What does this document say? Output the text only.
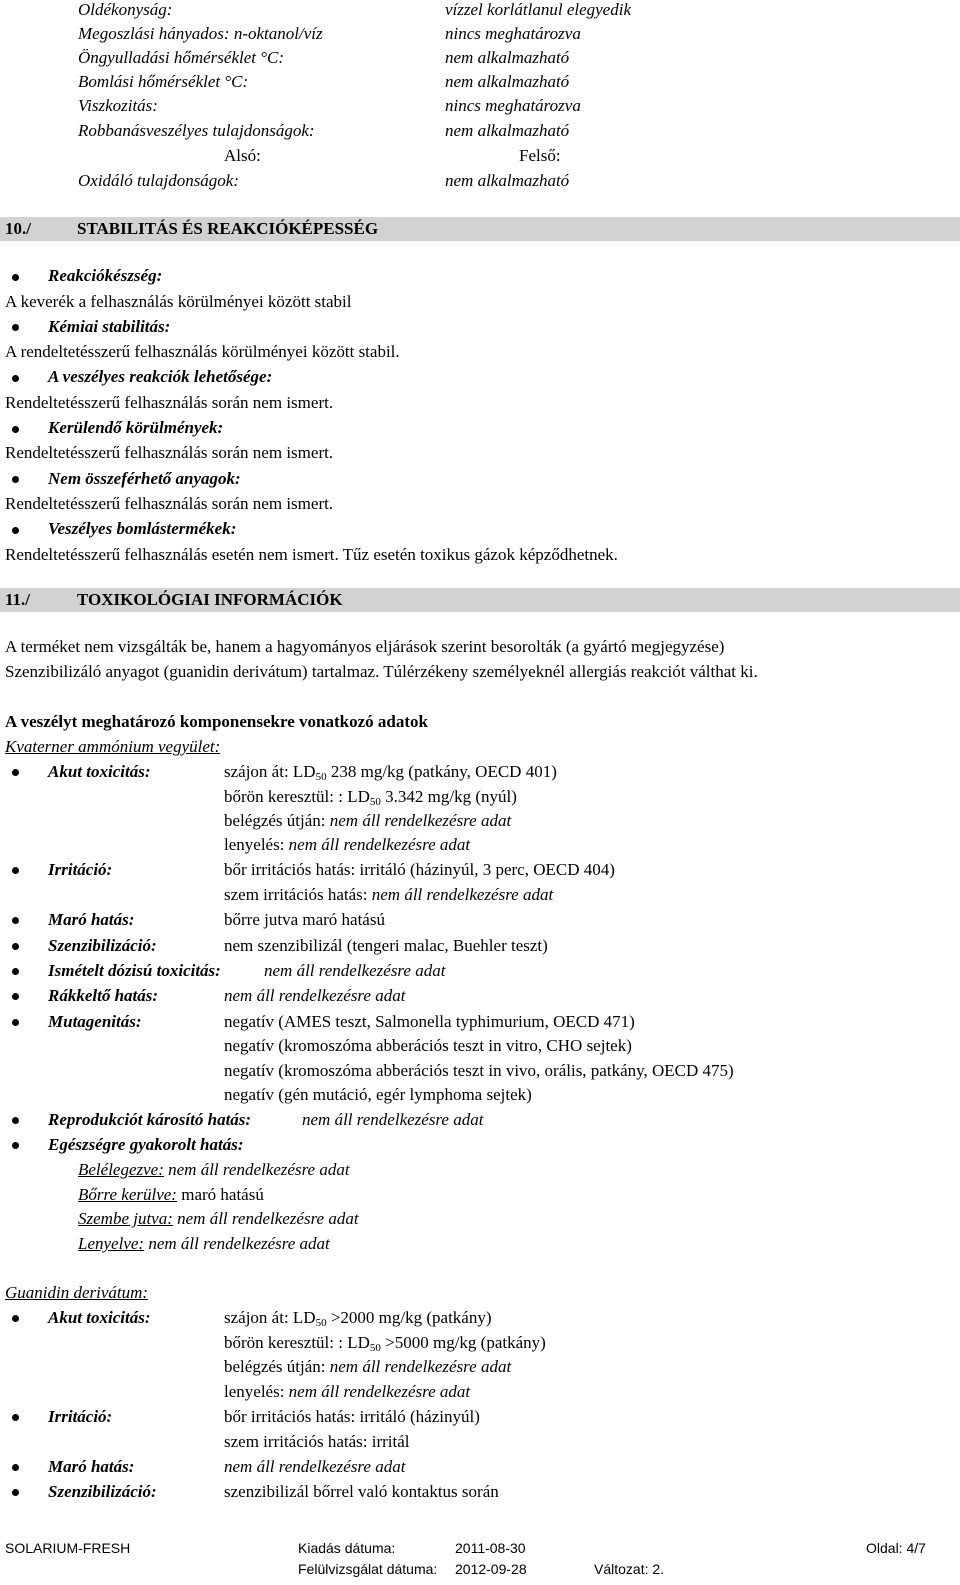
Oldékonyság:	vízzel korlátlanul elegyedik
Megoszlási hányados: n-oktanol/víz	nincs meghatározva
Öngyulladási hőmérséklet °C:	nem alkalmazható
Bomlási hőmérséklet °C:	nem alkalmazható
Viszkozitás:	nincs meghatározva
Robbanásveszélyes tulajdonságok:	nem alkalmazható
Alsó:	Felső:
Oxidáló tulajdonságok:	nem alkalmazható
10./	STABILITÁS ÉS REAKCIÓKÉPESSÉG
Reakciókészség:
A keverék a felhasználás körülményei között stabil
Kémiai stabilitás:
A rendeltetésszerű felhasználás körülményei között stabil.
A veszélyes reakciók lehetősége:
Rendeltetésszerű felhasználás során nem ismert.
Kerülendő körülmények:
Rendeltetésszerű felhasználás során nem ismert.
Nem összeférhető anyagok:
Rendeltetésszerű felhasználás során nem ismert.
Veszélyes bomlástermékek:
Rendeltetésszerű felhasználás esetén nem ismert. Tűz esetén toxikus gázok képződhetnek.
11./	TOXIKOLÓGIAI INFORMÁCIÓK
A terméket nem vizsgálták be, hanem a hagyományos eljárások szerint besorolták (a gyártó megjegyzése)
Szenzibilizáló anyagot (guanidin derivátum) tartalmaz. Túlérzékeny személyeknél allergiás reakciót válthat ki.
A veszélyt meghatározó komponensekre vonatkozó adatok
Kvaterner ammónium vegyület:
Akut toxicitás:	szájon át: $LD_{50}$ 238 mg/kg (patkány, OECD 401)
bőrön keresztül: : $LD_{50}$ 3.342 mg/kg (nyúl)
belégzés útján: nem áll rendelkezésre adat
lenyelés: nem áll rendelkezésre adat
Irritáció:	bőr irritációs hatás: irritáló (házinyúl, 3 perc, OECD 404)
szem irritációs hatás: nem áll rendelkezésre adat
Maró hatás:	bőrre jutva maró hatású
Szenzibilizáció:	nem szenzibilizál (tengeri malac, Buehler teszt)
Ismételt dózisú toxicitás:	nem áll rendelkezésre adat
Rákkeltő hatás:	nem áll rendelkezésre adat
Mutagenitás:	negatív (AMES teszt, Salmonella typhimurium, OECD 471)
negatív (kromoszóma abberációs teszt in vitro, CHO sejtek)
negatív (kromoszóma abberációs teszt in vivo, orális, patkány, OECD 475)
negatív (gén mutáció, egér lymphoma sejtek)
Reprodukciót károsító hatás:	nem áll rendelkezésre adat
Egészségre gyakorolt hatás:
Belélegezve: nem áll rendelkezésre adat
Bőrre kerülve: maró hatású
Szembe jutva: nem áll rendelkezésre adat
Lenyelve: nem áll rendelkezésre adat
Guanidin derivátum:
Akut toxicitás:	szájon át: $LD_{50} >2000$ mg/kg (patkány)
bőrön keresztül: : $LD_{50} >5000$ mg/kg (patkány)
belégzés útján: nem áll rendelkezésre adat
lenyelés: nem áll rendelkezésre adat
Irritáció:	bőr irritációs hatás: irritáló (házinyúl)
szem irritációs hatás: irritál
Maró hatás:	nem áll rendelkezésre adat
Szenzibilizáció:	szenzibilizál bőrrel való kontaktus során
SOLARIUM-FRESH	Kiadás dátuma:	2011-08-30	Oldal: 4/7
Felülvizsgálat dátuma: 2012-09-28	Változat: 2.
